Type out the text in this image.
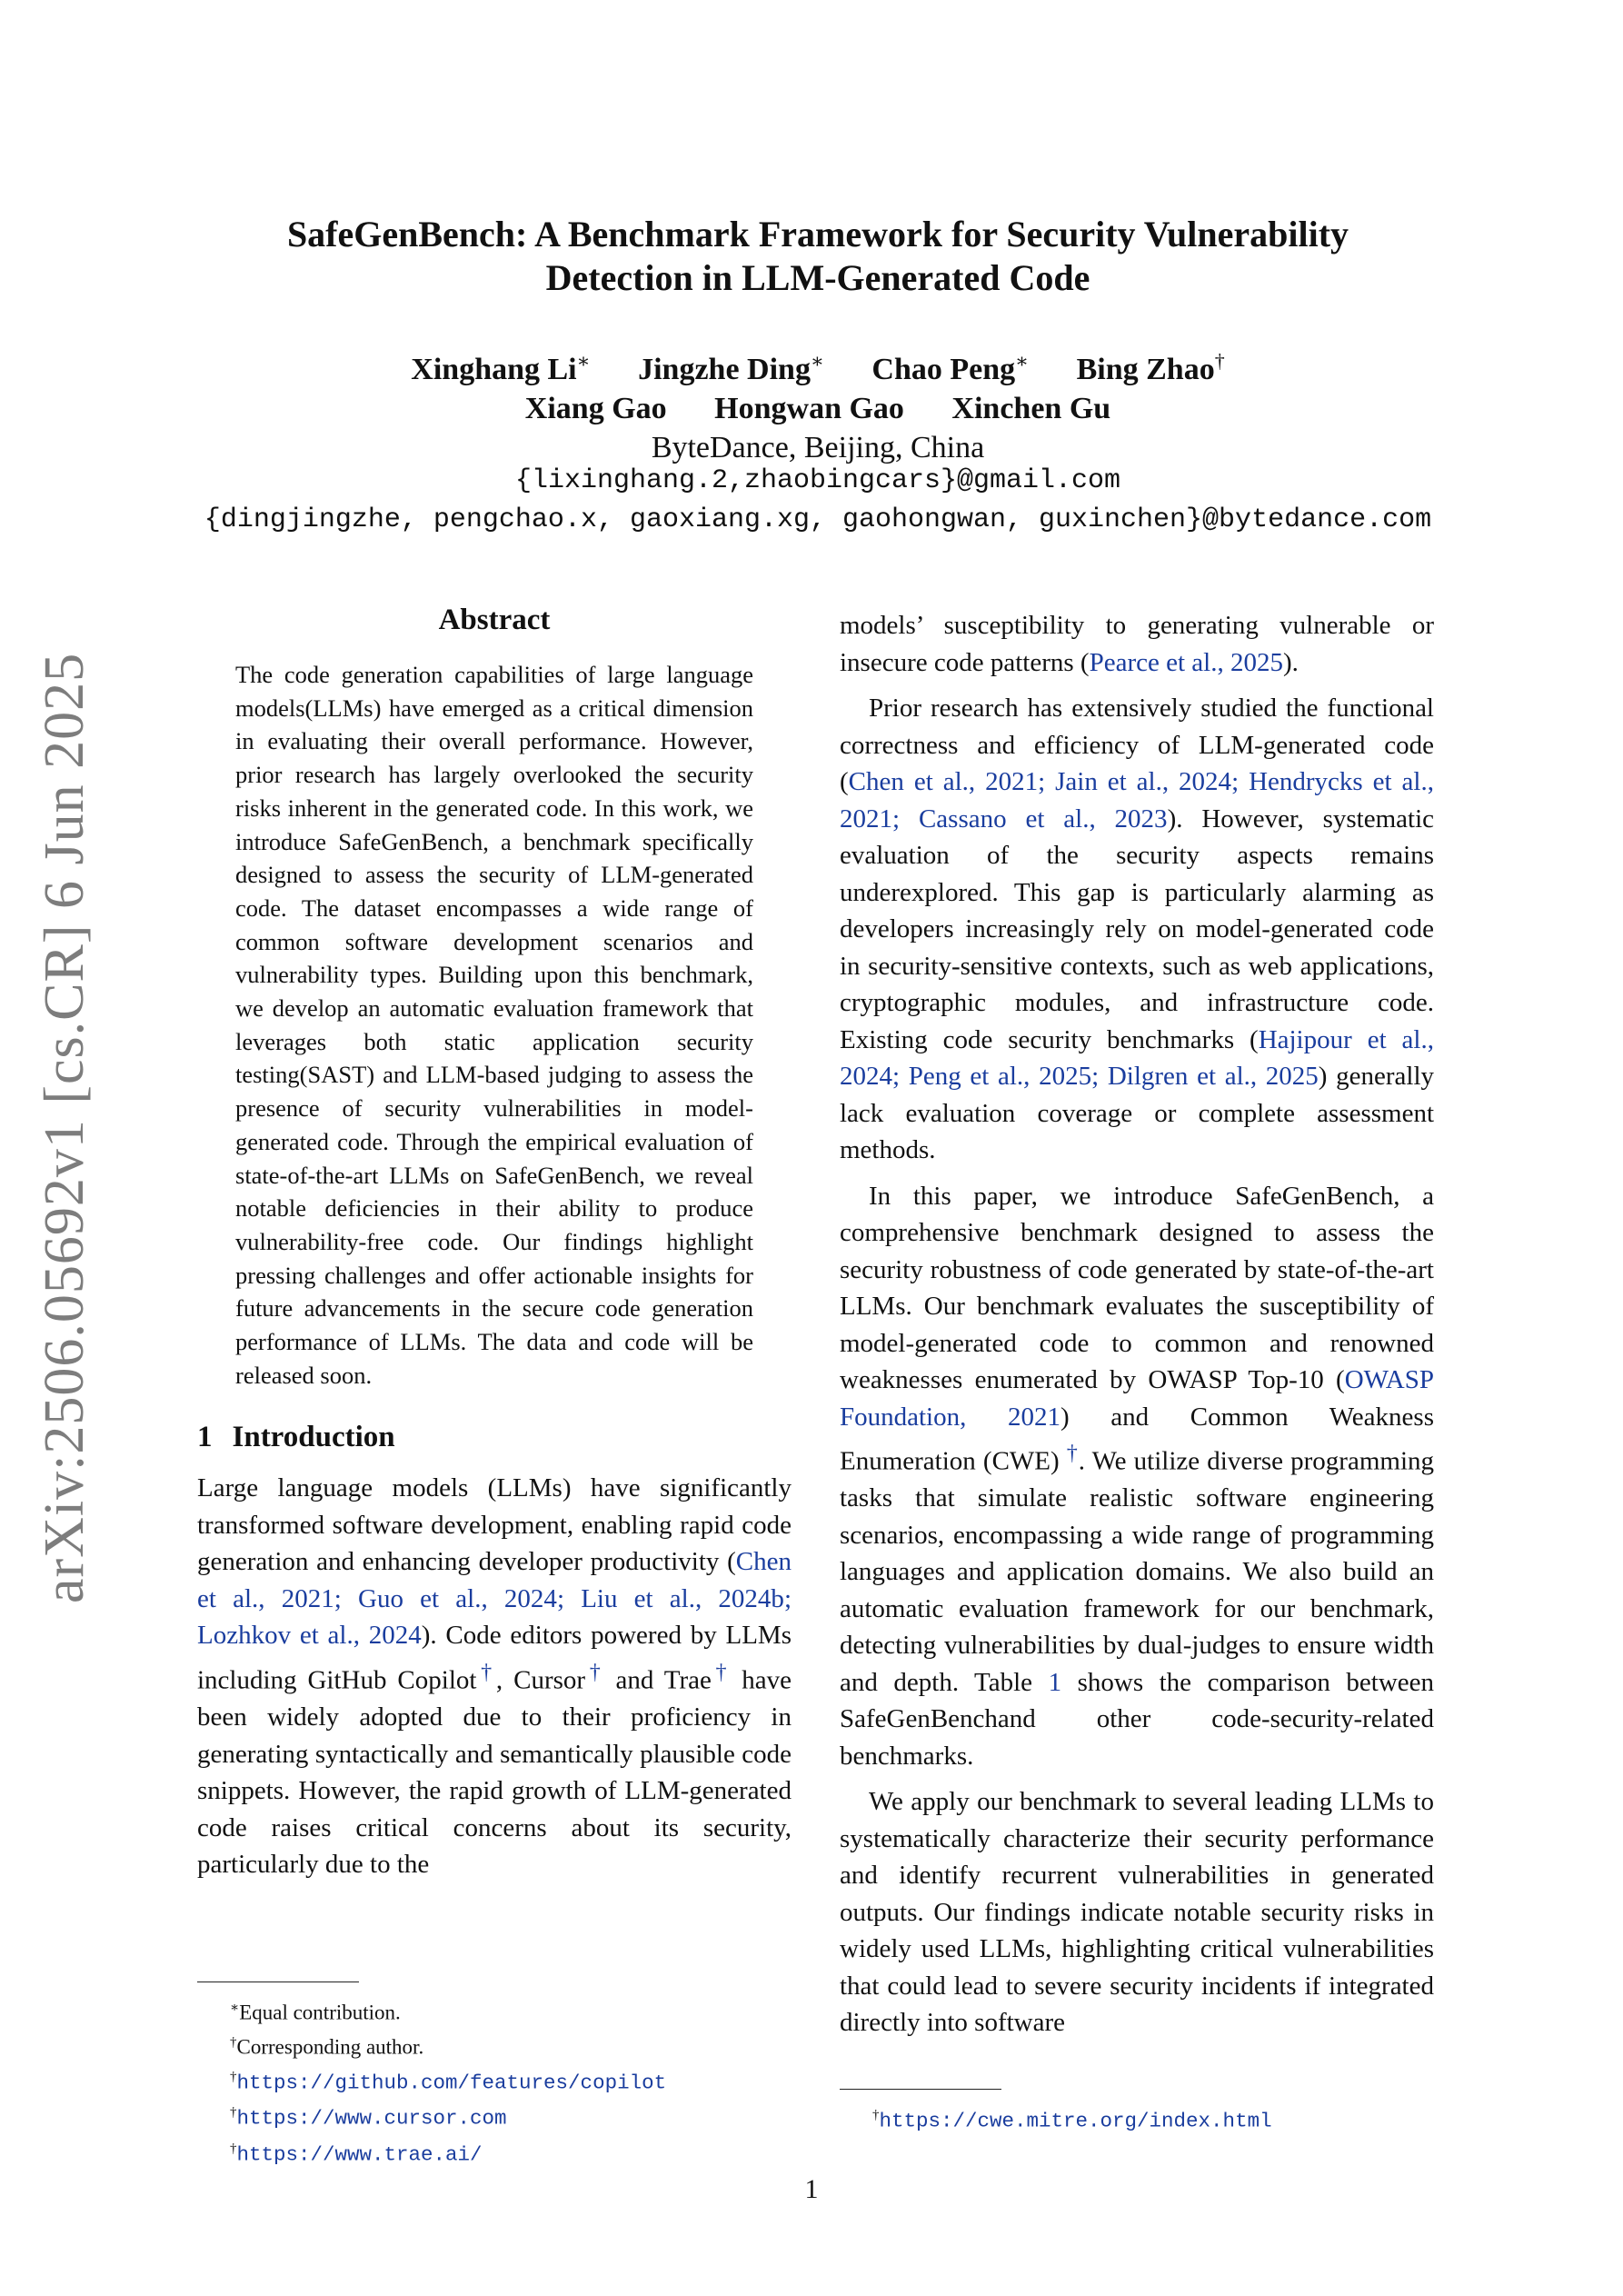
arXiv:2506.05692v1 [cs.CR] 6 Jun 2025
SafeGenBench: A Benchmark Framework for Security Vulnerability
Detection in LLM-Generated Code
Xinghang Li∗ Jingzhe Ding∗ Chao Peng∗ Bing Zhao†
Xiang Gao Hongwan Gao Xinchen Gu
ByteDance, Beijing, China
{lixinghang.2,zhaobingcars}@gmail.com
{dingjingzhe, pengchao.x, gaoxiang.xg, gaohongwan, guxinchen}@bytedance.com
Abstract
The code generation capabilities of large language models(LLMs) have emerged as a critical dimension in evaluating their overall performance. However, prior research has largely overlooked the security risks inherent in the generated code. In this work, we introduce SafeGenBench, a benchmark specifically designed to assess the security of LLM-generated code. The dataset encompasses a wide range of common software development scenarios and vulnerability types. Building upon this benchmark, we develop an automatic evaluation framework that leverages both static application security testing(SAST) and LLM-based judging to assess the presence of security vulnerabilities in model-generated code. Through the empirical evaluation of state-of-the-art LLMs on SafeGenBench, we reveal notable deficiencies in their ability to produce vulnerability-free code. Our findings highlight pressing challenges and offer actionable insights for future advancements in the secure code generation performance of LLMs. The data and code will be released soon.
1 Introduction

Large language models (LLMs) have significantly transformed software development, enabling rapid code generation and enhancing developer productivity (Chen et al., 2021; Guo et al., 2024; Liu et al., 2024b; Lozhkov et al., 2024). Code editors powered by LLMs including GitHub Copilot†, Cursor† and Trae† have been widely adopted due to their proficiency in generating syntactically and semantically plausible code snippets. However, the rapid growth of LLM-generated code raises critical concerns about its security, particularly due to the

∗Equal contribution.
†Corresponding author.
†https://github.com/features/copilot
†https://www.cursor.com
†https://www.trae.ai/

models’ susceptibility to generating vulnerable or insecure code patterns (Pearce et al., 2025).

Prior research has extensively studied the functional correctness and efficiency of LLM-generated code (Chen et al., 2021; Jain et al., 2024; Hendrycks et al., 2021; Cassano et al., 2023). However, systematic evaluation of the security aspects remains underexplored. This gap is particularly alarming as developers increasingly rely on model-generated code in security-sensitive contexts, such as web applications, cryptographic modules, and infrastructure code. Existing code security benchmarks (Hajipour et al., 2024; Peng et al., 2025; Dilgren et al., 2025) generally lack evaluation coverage or complete assessment methods.

In this paper, we introduce SafeGenBench, a comprehensive benchmark designed to assess the security robustness of code generated by state-of-the-art LLMs. Our benchmark evaluates the susceptibility of model-generated code to common and renowned weaknesses enumerated by OWASP Top-10 (OWASP Foundation, 2021) and Common Weakness Enumeration (CWE) †. We utilize diverse programming tasks that simulate realistic software engineering scenarios, encompassing a wide range of programming languages and application domains. We also build an automatic evaluation framework for our benchmark, detecting vulnerabilities by dual-judges to ensure width and depth. Table 1 shows the comparison between SafeGenBenchand other code-security-related benchmarks.

We apply our benchmark to several leading LLMs to systematically characterize their security performance and identify recurrent vulnerabilities in generated outputs. Our findings indicate notable security risks in widely used LLMs, highlighting critical vulnerabilities that could lead to severe security incidents if integrated directly into software

†https://cwe.mitre.org/index.html
1
